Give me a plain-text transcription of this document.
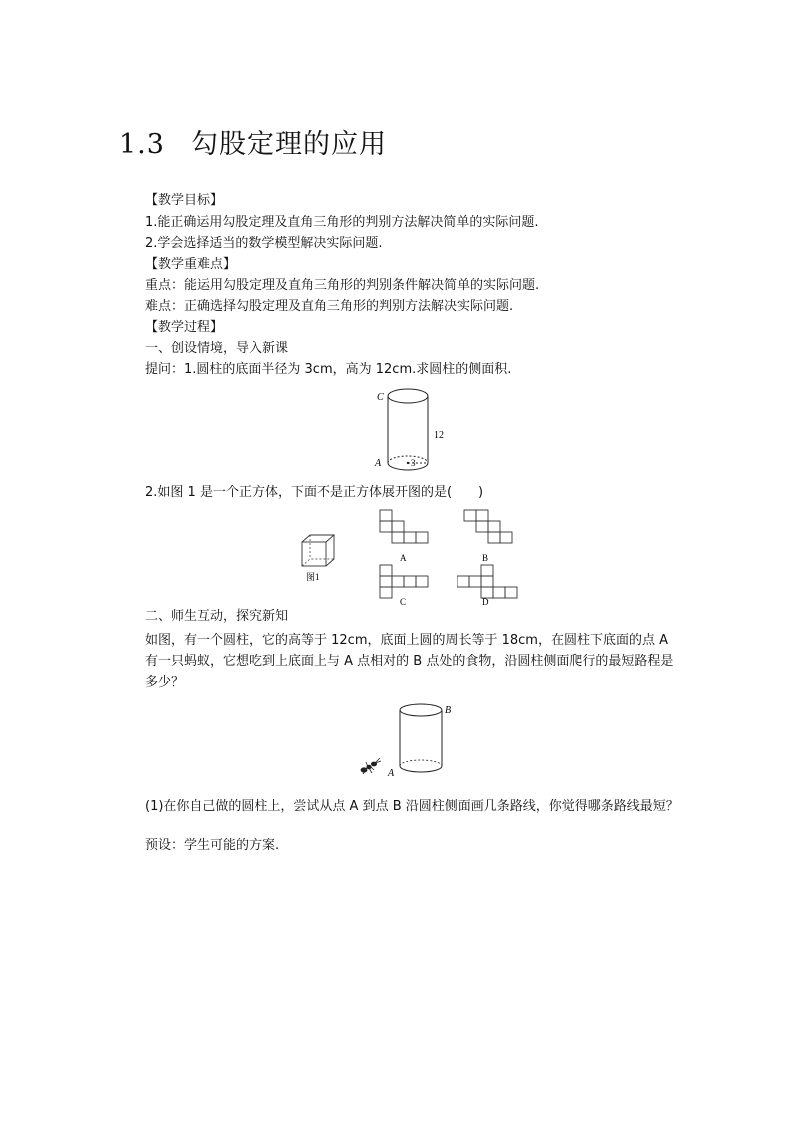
1.3 勾股定理的应用
【教学目标】
1.能正确运用勾股定理及直角三角形的判别方法解决简单的实际问题.
2.学会选择适当的数学模型解决实际问题.
【教学重难点】
重点：能运用勾股定理及直角三角形的判别条件解决简单的实际问题.
难点：正确选择勾股定理及直角三角形的判别方法解决实际问题.
【教学过程】
一、创设情境，导入新课
提问：1.圆柱的底面半径为 3cm，高为 12cm.求圆柱的侧面积.
C
A
12
3
2.如图 1 是一个正方体，下面不是正方体展开图的是(　　)
图1
A	B
C	D
二、师生互动，探究新知
如图，有一个圆柱，它的高等于 12cm，底面上圆的周长等于 18cm，在圆柱下底面的点 A 有一只蚂蚁，它想吃到上底面上与 A 点相对的 B 点处的食物，沿圆柱侧面爬行的最短路程是多少？
B
A
(1)在你自己做的圆柱上，尝试从点 A 到点 B 沿圆柱侧面画几条路线，你觉得哪条路线最短？
预设：学生可能的方案.
